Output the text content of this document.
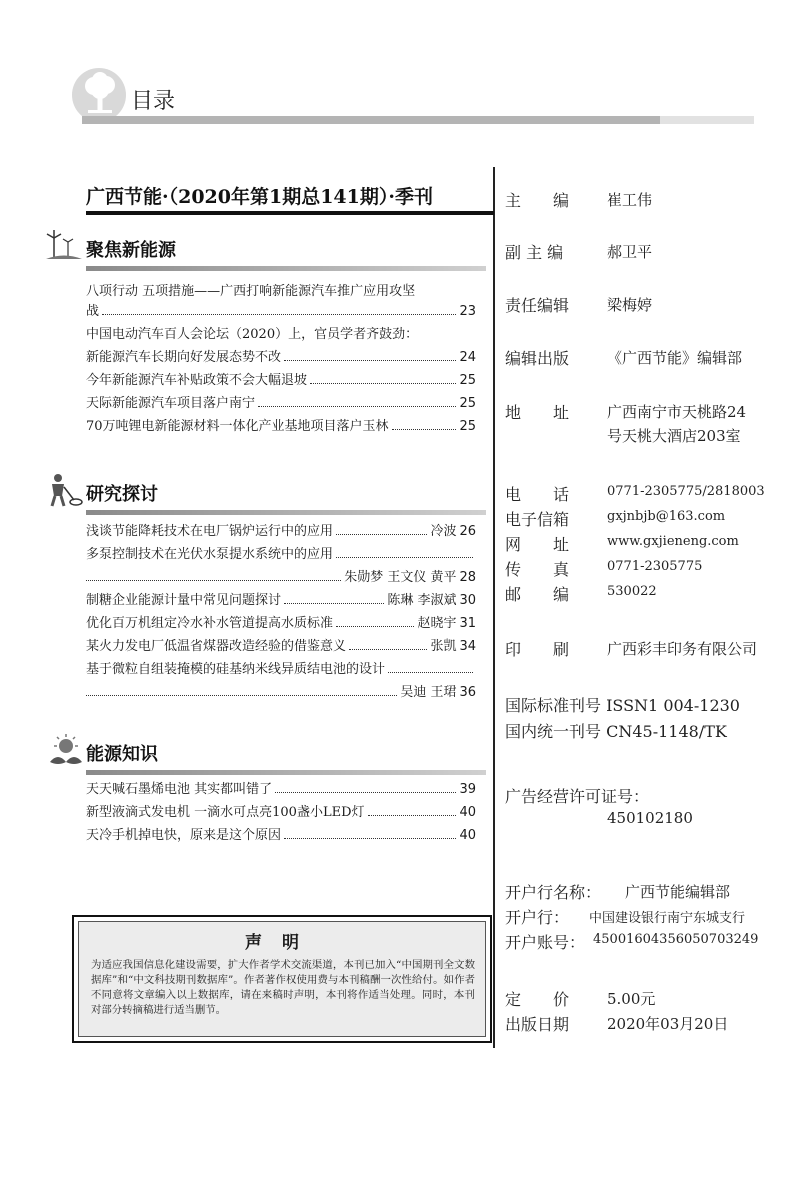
目录
广西节能·（2020年第1期总141期）·季刊
聚焦新能源
八项行动 五项措施——广西打响新能源汽车推广应用攻坚
战	23
中国电动汽车百人会论坛（2020）上，官员学者齐鼓劲：
新能源汽车长期向好发展态势不改	24
今年新能源汽车补贴政策不会大幅退坡	25
天际新能源汽车项目落户南宁	25
70万吨锂电新能源材料一体化产业基地项目落户玉林	25
研究探讨
浅谈节能降耗技术在电厂锅炉运行中的应用	冷波 26
多泵控制技术在光伏水泵提水系统中的应用
朱勋梦 王文仪 黄平 28
制糖企业能源计量中常见问题探讨	陈琳 李淑斌 30
优化百万机组定冷水补水管道提高水质标准	赵晓宇 31
某火力发电厂低温省煤器改造经验的借鉴意义	张凯 34
基于微粒自组装掩模的硅基纳米线异质结电池的设计
吴迪 王珺 36
能源知识
天天喊石墨烯电池 其实都叫错了	39
新型液滴式发电机 一滴水可点亮100盏小LED灯	40
天冷手机掉电快，原来是这个原因	40
声明
为适应我国信息化建设需要，扩大作者学术交流渠道，本刊已加入“中国期刊全文数据库”和“中文科技期刊数据库”。作者著作权使用费与本刊稿酬一次性给付。如作者不同意将文章编入以上数据库，请在来稿时声明，本刊将作适当处理。同时，本刊对部分转摘稿进行适当删节。
主　　编	崔工伟
副 主 编	郝卫平
责任编辑	梁梅婷
编辑出版	《广西节能》编辑部
地　　址	广西南宁市天桃路24
号天桃大酒店203室
电　　话	0771-2305775/2818003
电子信箱	gxjnbjb@163.com
网　　址	www.gxjieneng.com
传　　真	0771-2305775
邮　　编	530022
印　　刷	广西彩丰印务有限公司
国际标准刊号 ISSN1 004-1230
国内统一刊号 CN45-1148/TK
广告经营许可证号：
450102180
开户行名称： 广西节能编辑部
开户行： 中国建设银行南宁东城支行
开户账号： 45001604356050703249
定　　价	5.00元
出版日期	2020年03月20日
